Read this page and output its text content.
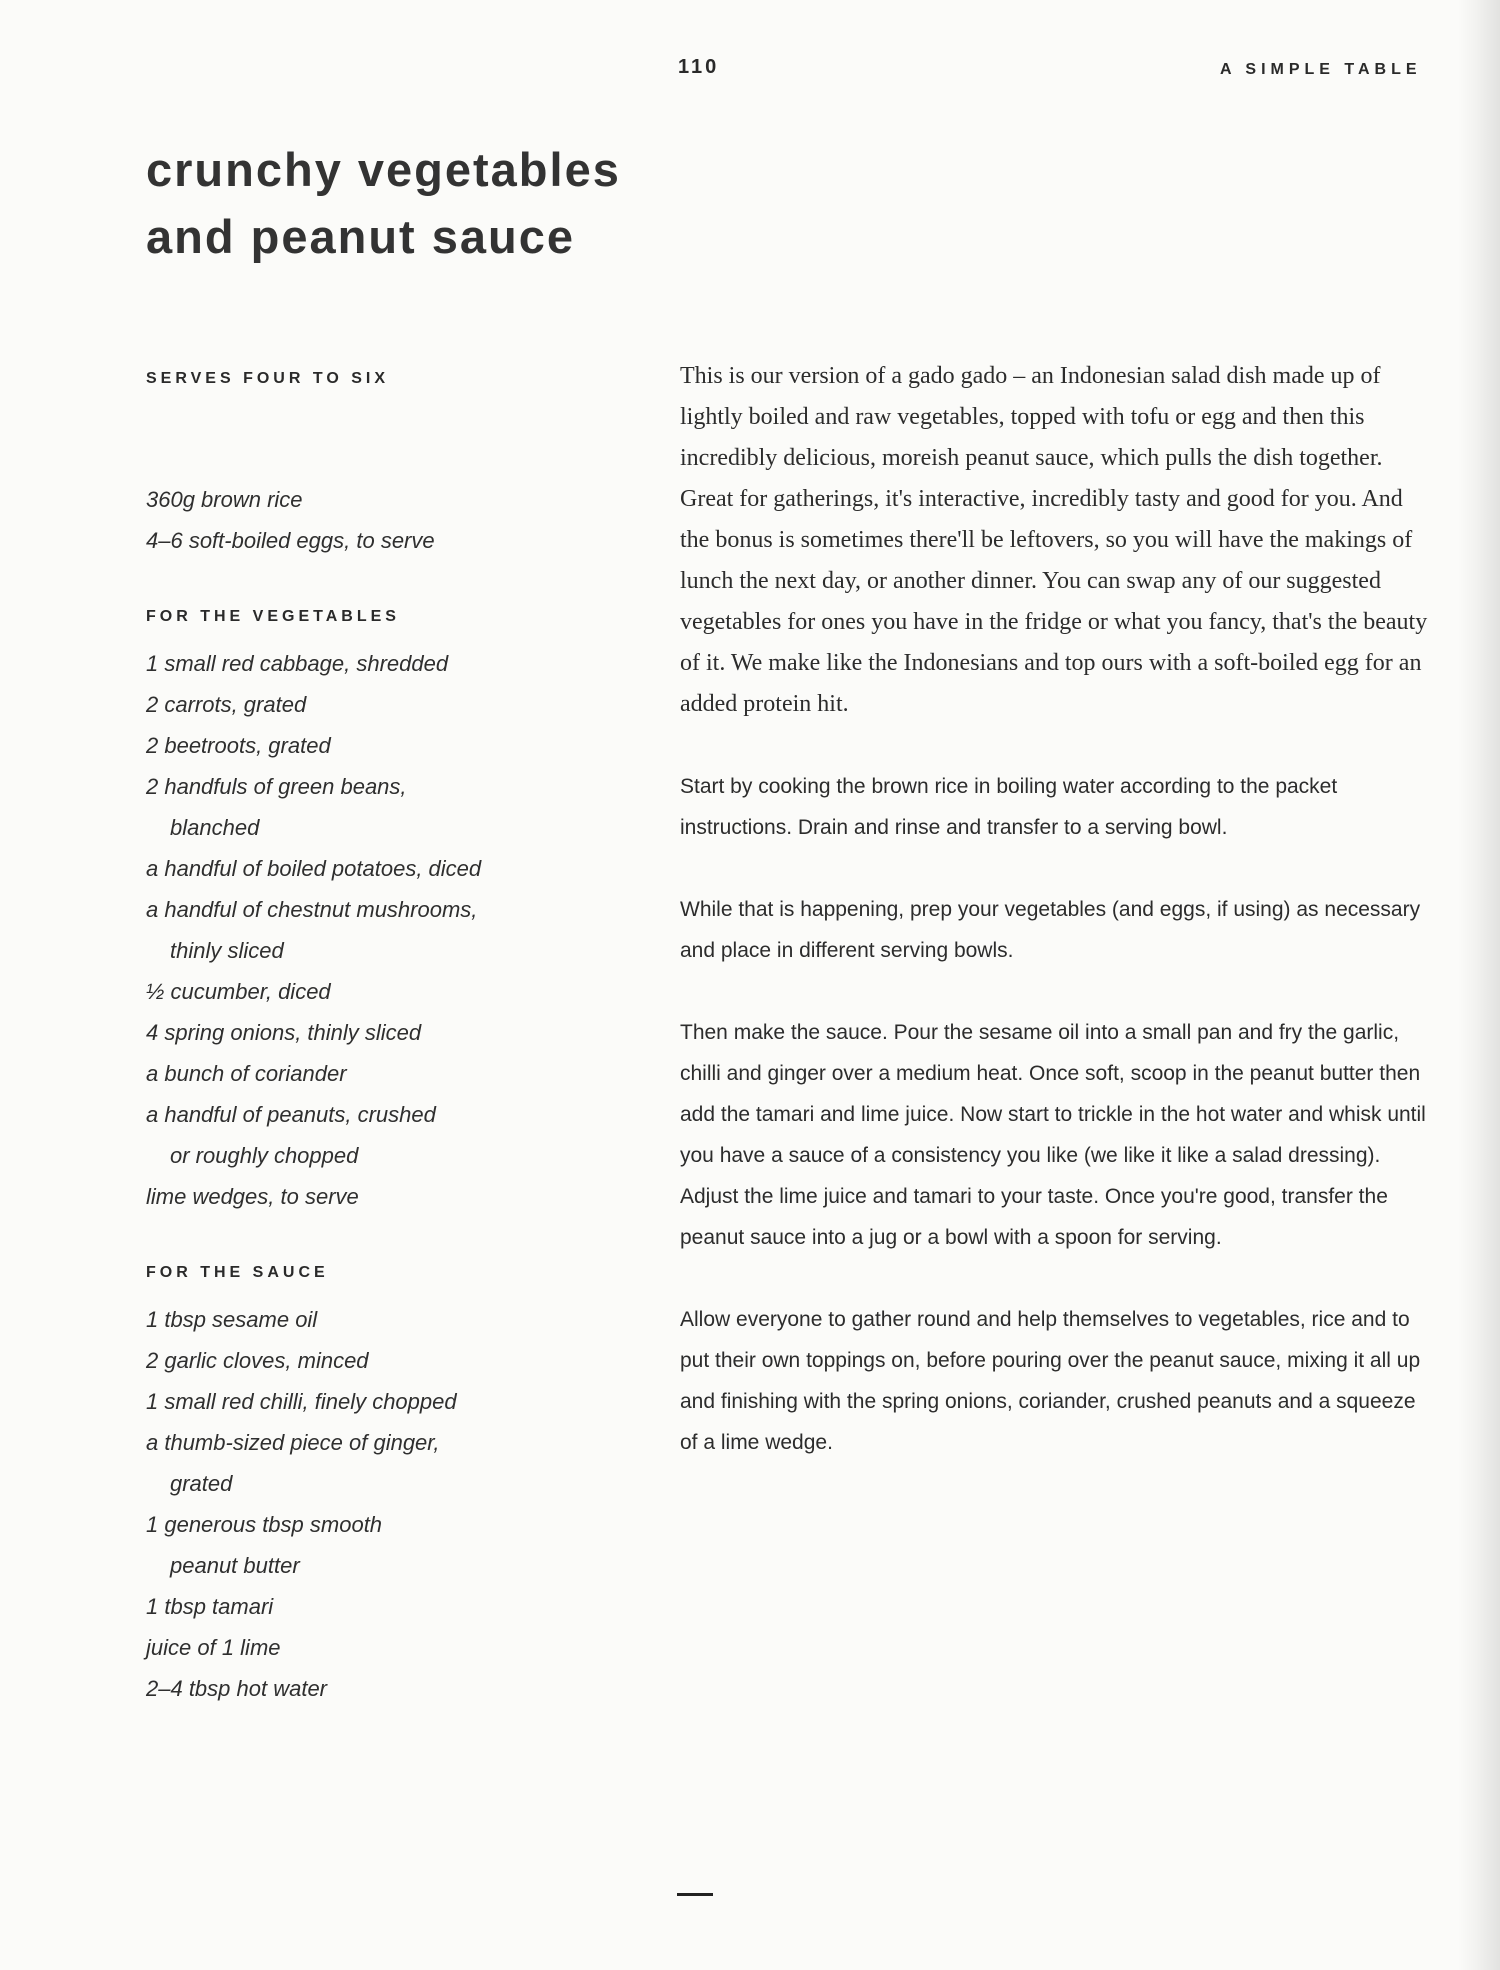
110	A SIMPLE TABLE
crunchy vegetables
and peanut sauce
SERVES FOUR TO SIX
360g brown rice
4–6 soft-boiled eggs, to serve
FOR THE VEGETABLES
1 small red cabbage, shredded
2 carrots, grated
2 beetroots, grated
2 handfuls of green beans,
blanched
a handful of boiled potatoes, diced
a handful of chestnut mushrooms,
thinly sliced
½ cucumber, diced
4 spring onions, thinly sliced
a bunch of coriander
a handful of peanuts, crushed
or roughly chopped
lime wedges, to serve
FOR THE SAUCE
1 tbsp sesame oil
2 garlic cloves, minced
1 small red chilli, finely chopped
a thumb-sized piece of ginger,
grated
1 generous tbsp smooth
peanut butter
1 tbsp tamari
juice of 1 lime
2–4 tbsp hot water

This is our version of a gado gado – an Indonesian salad dish made up of lightly boiled and raw vegetables, topped with tofu or egg and then this incredibly delicious, moreish peanut sauce, which pulls the dish together. Great for gatherings, it's interactive, incredibly tasty and good for you. And the bonus is sometimes there'll be leftovers, so you will have the makings of lunch the next day, or another dinner. You can swap any of our suggested vegetables for ones you have in the fridge or what you fancy, that's the beauty of it. We make like the Indonesians and top ours with a soft-boiled egg for an added protein hit.

Start by cooking the brown rice in boiling water according to the packet instructions. Drain and rinse and transfer to a serving bowl.

While that is happening, prep your vegetables (and eggs, if using) as necessary and place in different serving bowls.

Then make the sauce. Pour the sesame oil into a small pan and fry the garlic, chilli and ginger over a medium heat. Once soft, scoop in the peanut butter then add the tamari and lime juice. Now start to trickle in the hot water and whisk until you have a sauce of a consistency you like (we like it like a salad dressing). Adjust the lime juice and tamari to your taste. Once you're good, transfer the peanut sauce into a jug or a bowl with a spoon for serving.

Allow everyone to gather round and help themselves to vegetables, rice and to put their own toppings on, before pouring over the peanut sauce, mixing it all up and finishing with the spring onions, coriander, crushed peanuts and a squeeze of a lime wedge.
